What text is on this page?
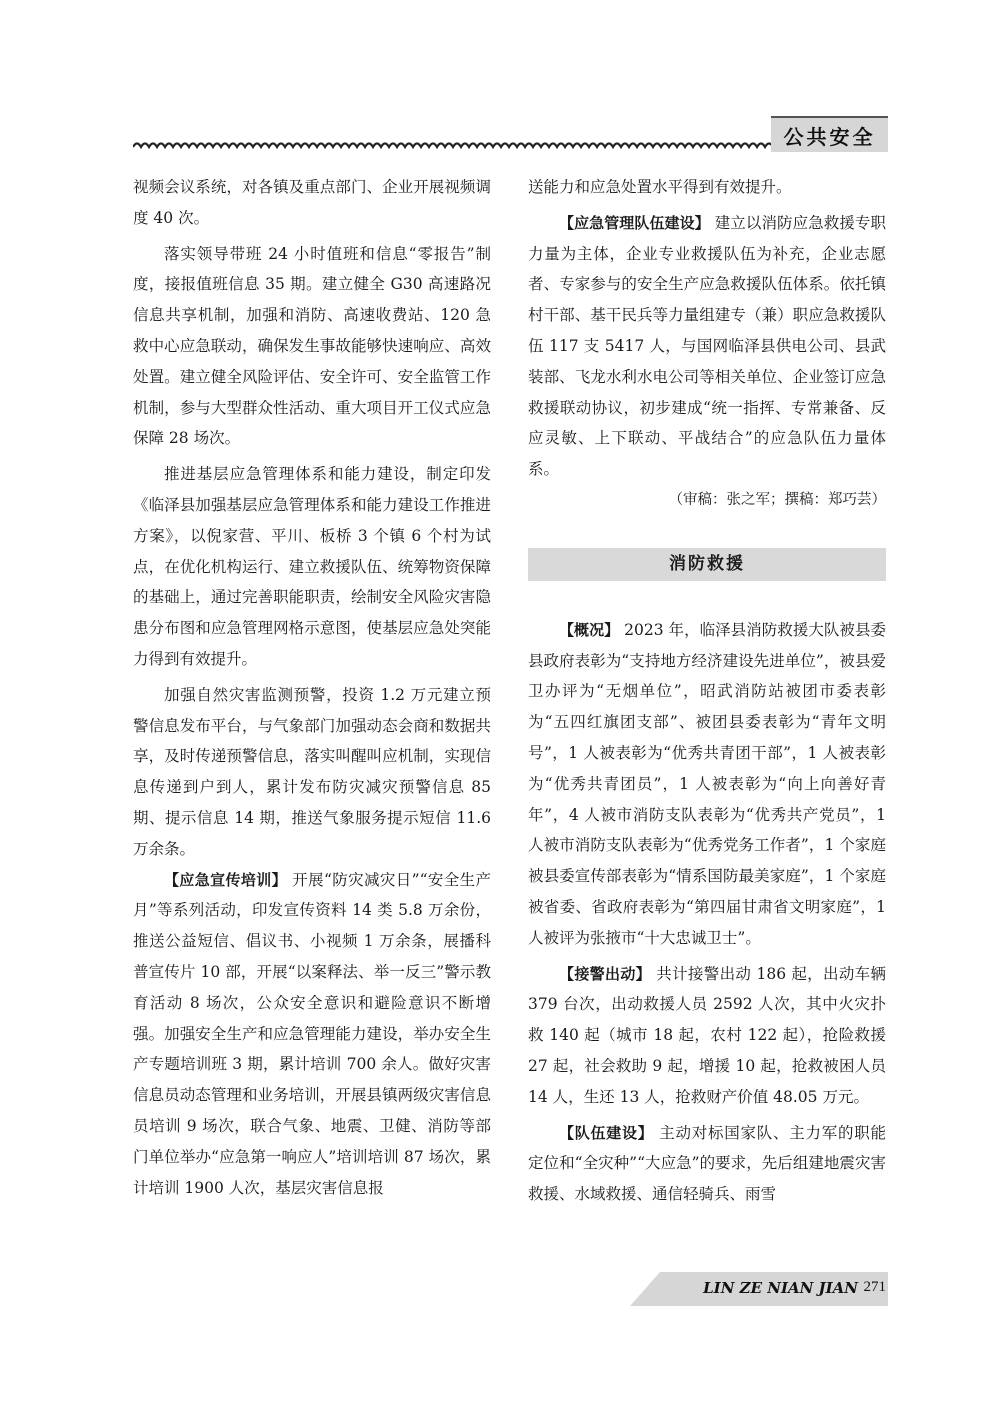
公共安全

视频会议系统，对各镇及重点部门、企业开展视频调度 40 次。

落实领导带班 24 小时值班和信息“零报告”制度，接报值班信息 35 期。建立健全 G30 高速路况信息共享机制，加强和消防、高速收费站、120 急救中心应急联动，确保发生事故能够快速响应、高效处置。建立健全风险评估、安全许可、安全监管工作机制，参与大型群众性活动、重大项目开工仪式应急保障 28 场次。

推进基层应急管理体系和能力建设，制定印发《临泽县加强基层应急管理体系和能力建设工作推进方案》，以倪家营、平川、板桥 3 个镇 6 个村为试点，在优化机构运行、建立救援队伍、统筹物资保障的基础上，通过完善职能职责，绘制安全风险灾害隐患分布图和应急管理网格示意图，使基层应急处突能力得到有效提升。

加强自然灾害监测预警，投资 1.2 万元建立预警信息发布平台，与气象部门加强动态会商和数据共享，及时传递预警信息，落实叫醒叫应机制，实现信息传递到户到人，累计发布防灾减灾预警信息 85 期、提示信息 14 期，推送气象服务提示短信 11.6 万余条。

【应急宣传培训】 开展“防灾减灾日”“安全生产月”等系列活动，印发宣传资料 14 类 5.8 万余份，推送公益短信、倡议书、小视频 1 万余条，展播科普宣传片 10 部，开展“以案释法、举一反三”警示教育活动 8 场次，公众安全意识和避险意识不断增强。加强安全生产和应急管理能力建设，举办安全生产专题培训班 3 期，累计培训 700 余人。做好灾害信息员动态管理和业务培训，开展县镇两级灾害信息员培训 9 场次，联合气象、地震、卫健、消防等部门单位举办“应急第一响应人”培训培训 87 场次，累计培训 1900 人次，基层灾害信息报

送能力和应急处置水平得到有效提升。

【应急管理队伍建设】 建立以消防应急救援专职力量为主体，企业专业救援队伍为补充，企业志愿者、专家参与的安全生产应急救援队伍体系。依托镇村干部、基干民兵等力量组建专（兼）职应急救援队伍 117 支 5417 人，与国网临泽县供电公司、县武装部、飞龙水利水电公司等相关单位、企业签订应急救援联动协议，初步建成“统一指挥、专常兼备、反应灵敏、上下联动、平战结合”的应急队伍力量体系。

（审稿：张之军；撰稿：郑巧芸）

消防救援

【概况】 2023 年，临泽县消防救援大队被县委县政府表彰为“支持地方经济建设先进单位”，被县爱卫办评为“无烟单位”，昭武消防站被团市委表彰为“五四红旗团支部”、被团县委表彰为“青年文明号”，1 人被表彰为“优秀共青团干部”，1 人被表彰为“优秀共青团员”，1 人被表彰为“向上向善好青年”，4 人被市消防支队表彰为“优秀共产党员”，1 人被市消防支队表彰为“优秀党务工作者”，1 个家庭被县委宣传部表彰为“情系国防最美家庭”，1 个家庭被省委、省政府表彰为“第四届甘肃省文明家庭”，1 人被评为张掖市“十大忠诚卫士”。

【接警出动】 共计接警出动 186 起，出动车辆 379 台次，出动救援人员 2592 人次，其中火灾扑救 140 起（城市 18 起，农村 122 起），抢险救援 27 起，社会救助 9 起，增援 10 起，抢救被困人员 14 人，生还 13 人，抢救财产价值 48.05 万元。

【队伍建设】 主动对标国家队、主力军的职能定位和“全灾种”“大应急”的要求，先后组建地震灾害救援、水域救援、通信轻骑兵、雨雪

LIN ZE NIAN JIAN 271
